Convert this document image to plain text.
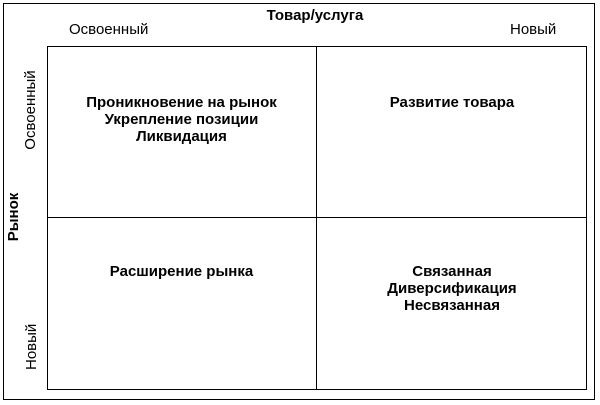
Товар/услуга
Освоенный	Новый
Рынок
Освоенный
Новый
Проникновение на рынок
Укрепление позиции
Ликвидация
Развитие товара
Расширение рынка	Связанная
Диверсификация
Несвязанная
